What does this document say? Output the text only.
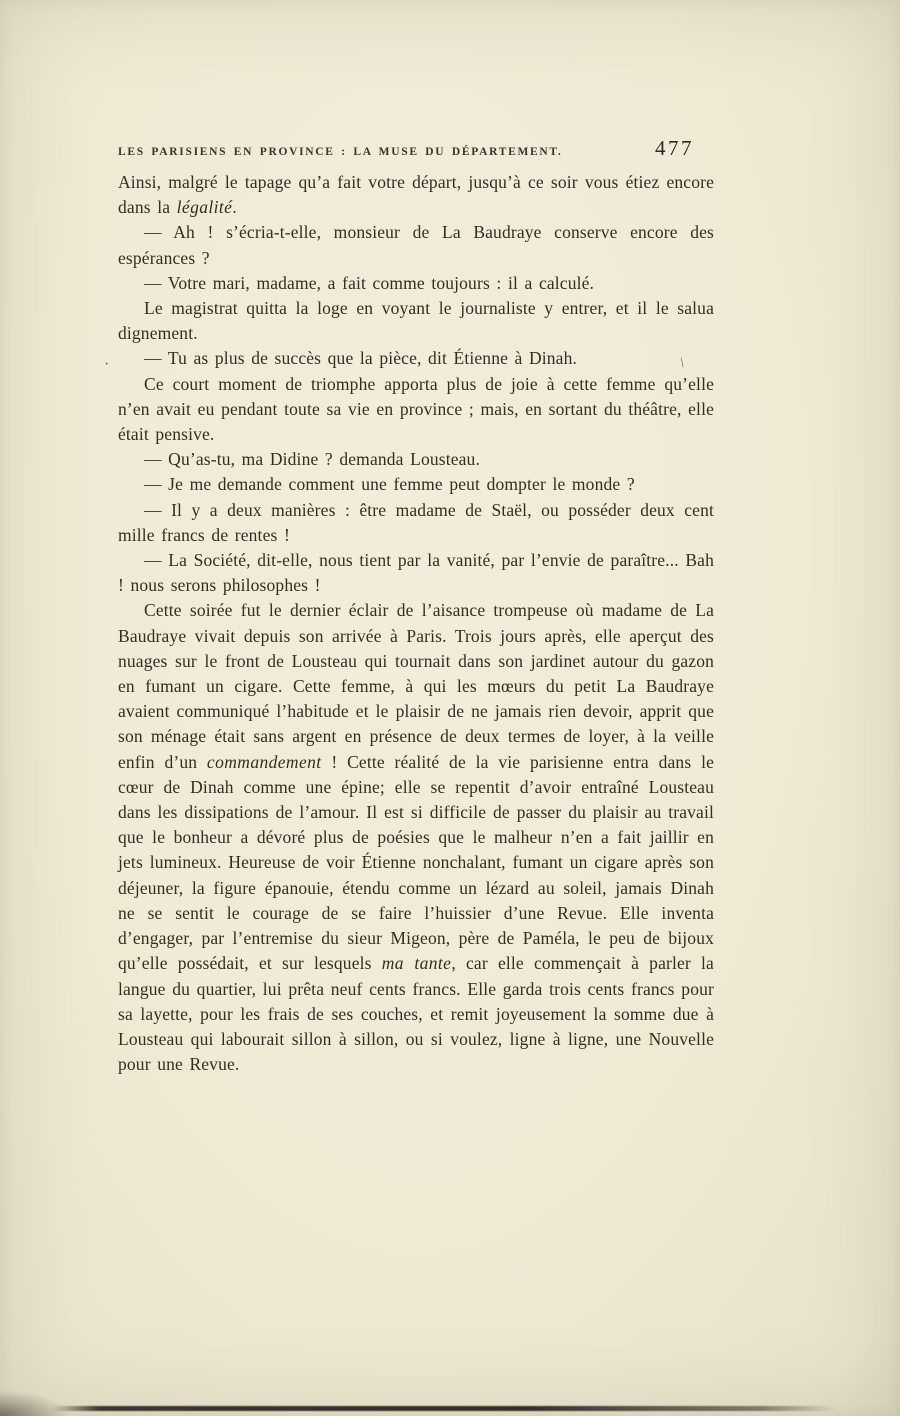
LES PARISIENS EN PROVINCE : LA MUSE DU DÉPARTEMENT.	477

Ainsi, malgré le tapage qu’a fait votre départ, jusqu’à ce soir vous étiez encore dans la légalité.

— Ah ! s’écria-t-elle, monsieur de La Baudraye conserve encore des espérances ?

— Votre mari, madame, a fait comme toujours : il a calculé.

Le magistrat quitta la loge en voyant le journaliste y entrer, et il le salua dignement.

— Tu as plus de succès que la pièce, dit Étienne à Dinah.

Ce court moment de triomphe apporta plus de joie à cette femme qu’elle n’en avait eu pendant toute sa vie en province ; mais, en sortant du théâtre, elle était pensive.

— Qu’as-tu, ma Didine ? demanda Lousteau.

— Je me demande comment une femme peut dompter le monde ?

— Il y a deux manières : être madame de Staël, ou posséder deux cent mille francs de rentes !

— La Société, dit-elle, nous tient par la vanité, par l’envie de paraître... Bah ! nous serons philosophes !

Cette soirée fut le dernier éclair de l’aisance trompeuse où madame de La Baudraye vivait depuis son arrivée à Paris. Trois jours après, elle aperçut des nuages sur le front de Lousteau qui tournait dans son jardinet autour du gazon en fumant un cigare. Cette femme, à qui les mœurs du petit La Baudraye avaient communiqué l’habitude et le plaisir de ne jamais rien devoir, apprit que son ménage était sans argent en présence de deux termes de loyer, à la veille enfin d’un commandement ! Cette réalité de la vie parisienne entra dans le cœur de Dinah comme une épine; elle se repentit d’avoir entraîné Lousteau dans les dissipations de l’amour. Il est si difficile de passer du plaisir au travail que le bonheur a dévoré plus de poésies que le malheur n’en a fait jaillir en jets lumineux. Heureuse de voir Étienne nonchalant, fumant un cigare après son déjeuner, la figure épanouie, étendu comme un lézard au soleil, jamais Dinah ne se sentit le courage de se faire l’huissier d’une Revue. Elle inventa d’engager, par l’entremise du sieur Migeon, père de Paméla, le peu de bijoux qu’elle possédait, et sur lesquels ma tante, car elle commençait à parler la langue du quartier, lui prêta neuf cents francs. Elle garda trois cents francs pour sa layette, pour les frais de ses couches, et remit joyeusement la somme due à Lousteau qui labourait sillon à sillon, ou si voulez, ligne à ligne, une Nouvelle pour une Revue.

·	\
